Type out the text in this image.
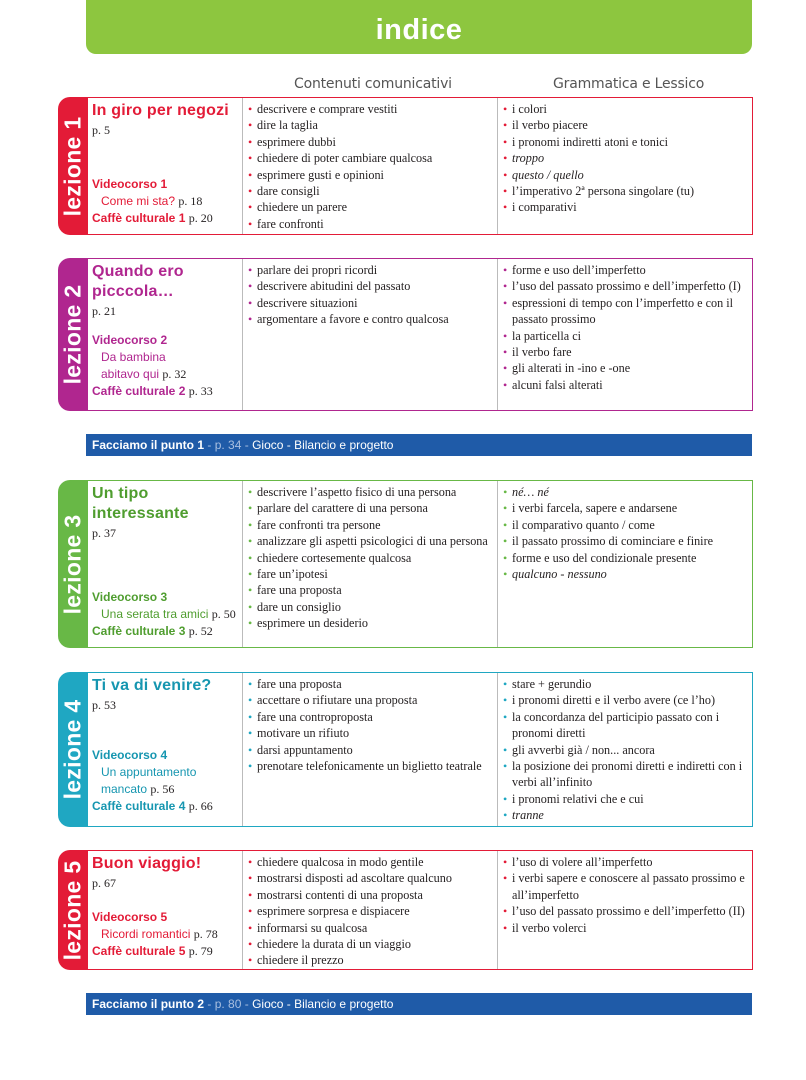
indice
Contenuti comunicativi	Grammatica e Lessico
lezione 1
In giro per negozi
p. 5
Videocorso 1
Come mi sta? p. 18
Caffè culturale 1 p. 20
• descrivere e comprare vestiti
• dire la taglia
• esprimere dubbi
• chiedere di poter cambiare qualcosa
• esprimere gusti e opinioni
• dare consigli
• chiedere un parere
• fare confronti
• i colori
• il verbo piacere
• i pronomi indiretti atoni e tonici
• troppo
• questo / quello
• l’imperativo 2ª persona singolare (tu)
• i comparativi
lezione 2
Quando ero picccola…
p. 21
Videocorso 2
Da bambina abitavo qui p. 32
Caffè culturale 2 p. 33
• parlare dei propri ricordi
• descrivere abitudini del passato
• descrivere situazioni
• argomentare a favore e contro qualcosa
• forme e uso dell’imperfetto
• l’uso del passato prossimo e dell’imperfetto (I)
• espressioni di tempo con l’imperfetto e con il passato prossimo
• la particella ci
• il verbo fare
• gli alterati in -ino e -one
• alcuni falsi alterati
Facciamo il punto 1 - p. 34 - Gioco - Bilancio e progetto
lezione 3
Un tipo interessante
p. 37
Videocorso 3
Una serata tra amici p. 50
Caffè culturale 3 p. 52
• descrivere l’aspetto fisico di una persona
• parlare del carattere di una persona
• fare confronti tra persone
• analizzare gli aspetti psicologici di una persona
• chiedere cortesemente qualcosa
• fare un’ipotesi
• fare una proposta
• dare un consiglio
• esprimere un desiderio
• né… né
• i verbi farcela, sapere e andarsene
• il comparativo quanto / come
• il passato prossimo di cominciare e finire
• forme e uso del condizionale presente
• qualcuno - nessuno
lezione 4
Ti va di venire?
p. 53
Videocorso 4
Un appuntamento mancato p. 56
Caffè culturale 4 p. 66
• fare una proposta
• accettare o rifiutare una proposta
• fare una controproposta
• motivare un rifiuto
• darsi appuntamento
• prenotare telefonicamente un biglietto teatrale
• stare + gerundio
• i pronomi diretti e il verbo avere (ce l’ho)
• la concordanza del participio passato con i pronomi diretti
• gli avverbi già / non... ancora
• la posizione dei pronomi diretti e indiretti con i verbi all’infinito
• i pronomi relativi che e cui
• tranne
lezione 5 Buon viaggio!
p. 67
Videocorso 5
Ricordi romantici p. 78
Caffè culturale 5 p. 79
• chiedere qualcosa in modo gentile
• mostrarsi disposti ad ascoltare qualcuno
• mostrarsi contenti di una proposta
• esprimere sorpresa e dispiacere
• informarsi su qualcosa
• chiedere la durata di un viaggio
• chiedere il prezzo
• l’uso di volere all’imperfetto
• i verbi sapere e conoscere al passato prossimo e all’imperfetto
• l’uso del passato prossimo e dell’imperfetto (II)
• il verbo volerci
Facciamo il punto 2 - p. 80 - Gioco - Bilancio e progetto
